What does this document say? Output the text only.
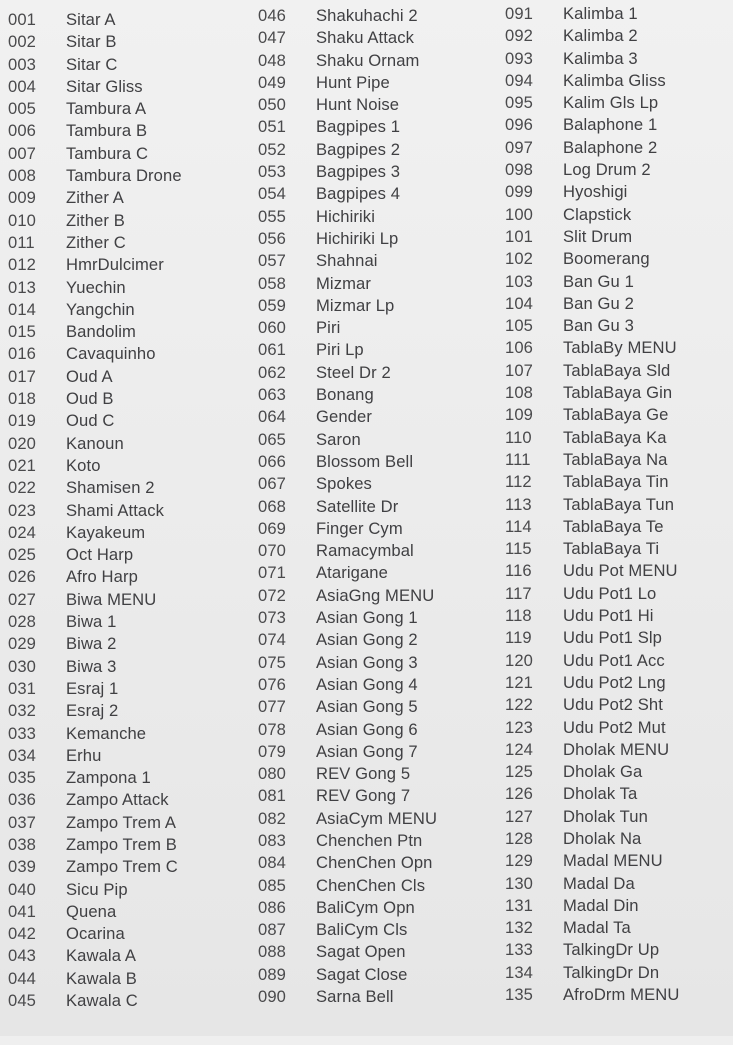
001	Sitar A
002	Sitar B
003	Sitar C
004	Sitar Gliss
005	Tambura A
006	Tambura B
007	Tambura C
008	Tambura Drone
009	Zither A
010	Zither B
011	Zither C
012	HmrDulcimer
013	Yuechin
014	Yangchin
015	Bandolim
016	Cavaquinho
017	Oud A
018	Oud B
019	Oud C
020	Kanoun
021	Koto
022	Shamisen 2
023	Shami Attack
024	Kayakeum
025	Oct Harp
026	Afro Harp
027	Biwa MENU
028	Biwa 1
029	Biwa 2
030	Biwa 3
031	Esraj 1
032	Esraj 2
033	Kemanche
034	Erhu
035	Zampona 1
036	Zampo Attack
037	Zampo Trem A
038	Zampo Trem B
039	Zampo Trem C
040	Sicu Pip
041	Quena
042	Ocarina
043	Kawala A
044	Kawala B
045	Kawala C
046	Shakuhachi 2
047	Shaku Attack
048	Shaku Ornam
049	Hunt Pipe
050	Hunt Noise
051	Bagpipes 1
052	Bagpipes 2
053	Bagpipes 3
054	Bagpipes 4
055	Hichiriki
056	Hichiriki Lp
057	Shahnai
058	Mizmar
059	Mizmar Lp
060	Piri
061	Piri Lp
062	Steel Dr 2
063	Bonang
064	Gender
065	Saron
066	Blossom Bell
067	Spokes
068	Satellite Dr
069	Finger Cym
070	Ramacymbal
071	Atarigane
072	AsiaGng MENU
073	Asian Gong 1
074	Asian Gong 2
075	Asian Gong 3
076	Asian Gong 4
077	Asian Gong 5
078	Asian Gong 6
079	Asian Gong 7
080	REV Gong 5
081	REV Gong 7
082	AsiaCym MENU
083	Chenchen Ptn
084	ChenChen Opn
085	ChenChen Cls
086	BaliCym Opn
087	BaliCym Cls
088	Sagat Open
089	Sagat Close
090	Sarna Bell
091	Kalimba 1
092	Kalimba 2
093	Kalimba 3
094	Kalimba Gliss
095	Kalim Gls Lp
096	Balaphone 1
097	Balaphone 2
098	Log Drum 2
099	Hyoshigi
100	Clapstick
101	Slit Drum
102	Boomerang
103	Ban Gu 1
104	Ban Gu 2
105	Ban Gu 3
106	TablaBy MENU
107	TablaBaya Sld
108	TablaBaya Gin
109	TablaBaya Ge
110	TablaBaya Ka
111	TablaBaya Na
112	TablaBaya Tin
113	TablaBaya Tun
114	TablaBaya Te
115	TablaBaya Ti
116	Udu Pot MENU
117	Udu Pot1 Lo
118	Udu Pot1 Hi
119	Udu Pot1 Slp
120	Udu Pot1 Acc
121	Udu Pot2 Lng
122	Udu Pot2 Sht
123	Udu Pot2 Mut
124	Dholak MENU
125	Dholak Ga
126	Dholak Ta
127	Dholak Tun
128	Dholak Na
129	Madal MENU
130	Madal Da
131	Madal Din
132	Madal Ta
133	TalkingDr Up
134	TalkingDr Dn
135	AfroDrm MENU
